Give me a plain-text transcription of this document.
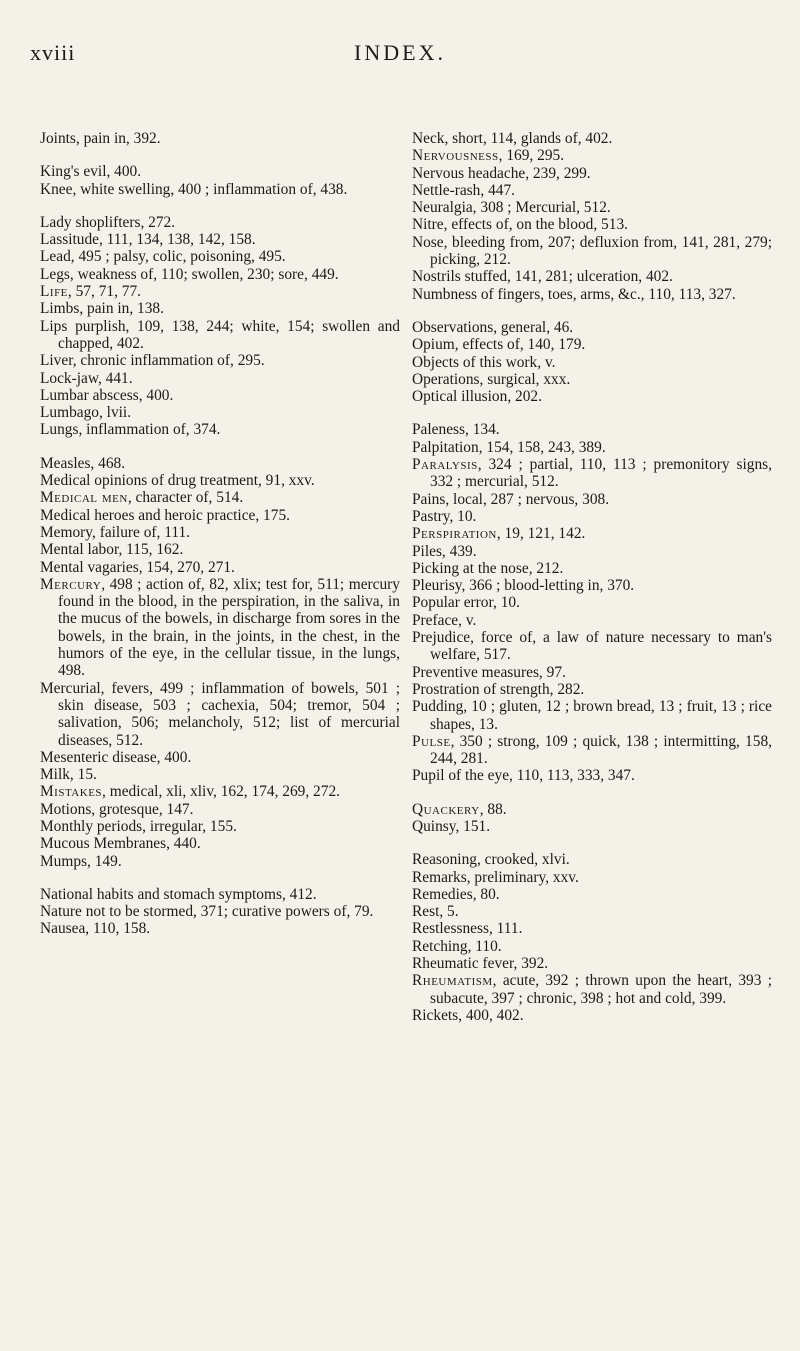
xviii	INDEX.
Joints, pain in, 392.
King's evil, 400.
Knee, white swelling, 400 ; inflammation of, 438.
Lady shoplifters, 272.
Lassitude, 111, 134, 138, 142, 158.
Lead, 495 ; palsy, colic, poisoning, 495.
Legs, weakness of, 110; swollen, 230; sore, 449.
Life, 57, 71, 77.
Limbs, pain in, 138.
Lips purplish, 109, 138, 244; white, 154; swollen and chapped, 402.
Liver, chronic inflammation of, 295.
Lock-jaw, 441.
Lumbar abscess, 400.
Lumbago, lvii.
Lungs, inflammation of, 374.
Measles, 468.
Medical opinions of drug treatment, 91, xxv.
Medical men, character of, 514.
Medical heroes and heroic practice, 175.
Memory, failure of, 111.
Mental labor, 115, 162.
Mental vagaries, 154, 270, 271.
Mercury, 498 ; action of, 82, xlix; test for, 511; mercury found in the blood, in the perspiration, in the saliva, in the mucus of the bowels, in discharge from sores in the bowels, in the brain, in the joints, in the chest, in the humors of the eye, in the cellular tissue, in the lungs, 498.
Mercurial, fevers, 499 ; inflammation of bowels, 501 ; skin disease, 503 ; cachexia, 504; tremor, 504 ; salivation, 506; melancholy, 512; list of mercurial diseases, 512.
Mesenteric disease, 400.
Milk, 15.
Mistakes, medical, xli, xliv, 162, 174, 269, 272.
Motions, grotesque, 147.
Monthly periods, irregular, 155.
Mucous Membranes, 440.
Mumps, 149.
National habits and stomach symptoms, 412.
Nature not to be stormed, 371; curative powers of, 79.
Nausea, 110, 158.
Neck, short, 114, glands of, 402.
Nervousness, 169, 295.
Nervous headache, 239, 299.
Nettle-rash, 447.
Neuralgia, 308 ; Mercurial, 512.
Nitre, effects of, on the blood, 513.
Nose, bleeding from, 207; defluxion from, 141, 281, 279; picking, 212.
Nostrils stuffed, 141, 281; ulceration, 402.
Numbness of fingers, toes, arms, &c., 110, 113, 327.
Observations, general, 46.
Opium, effects of, 140, 179.
Objects of this work, v.
Operations, surgical, xxx.
Optical illusion, 202.
Paleness, 134.
Palpitation, 154, 158, 243, 389.
Paralysis, 324 ; partial, 110, 113 ; premonitory signs, 332 ; mercurial, 512.
Pains, local, 287 ; nervous, 308.
Pastry, 10.
Perspiration, 19, 121, 142.
Piles, 439.
Picking at the nose, 212.
Pleurisy, 366 ; blood-letting in, 370.
Popular error, 10.
Preface, v.
Prejudice, force of, a law of nature necessary to man's welfare, 517.
Preventive measures, 97.
Prostration of strength, 282.
Pudding, 10 ; gluten, 12 ; brown bread, 13 ; fruit, 13 ; rice shapes, 13.
Pulse, 350 ; strong, 109 ; quick, 138 ; intermitting, 158, 244, 281.
Pupil of the eye, 110, 113, 333, 347.
Quackery, 88.
Quinsy, 151.
Reasoning, crooked, xlvi.
Remarks, preliminary, xxv.
Remedies, 80.
Rest, 5.
Restlessness, 111.
Retching, 110.
Rheumatic fever, 392.
Rheumatism, acute, 392 ; thrown upon the heart, 393 ; subacute, 397 ; chronic, 398 ; hot and cold, 399.
Rickets, 400, 402.
